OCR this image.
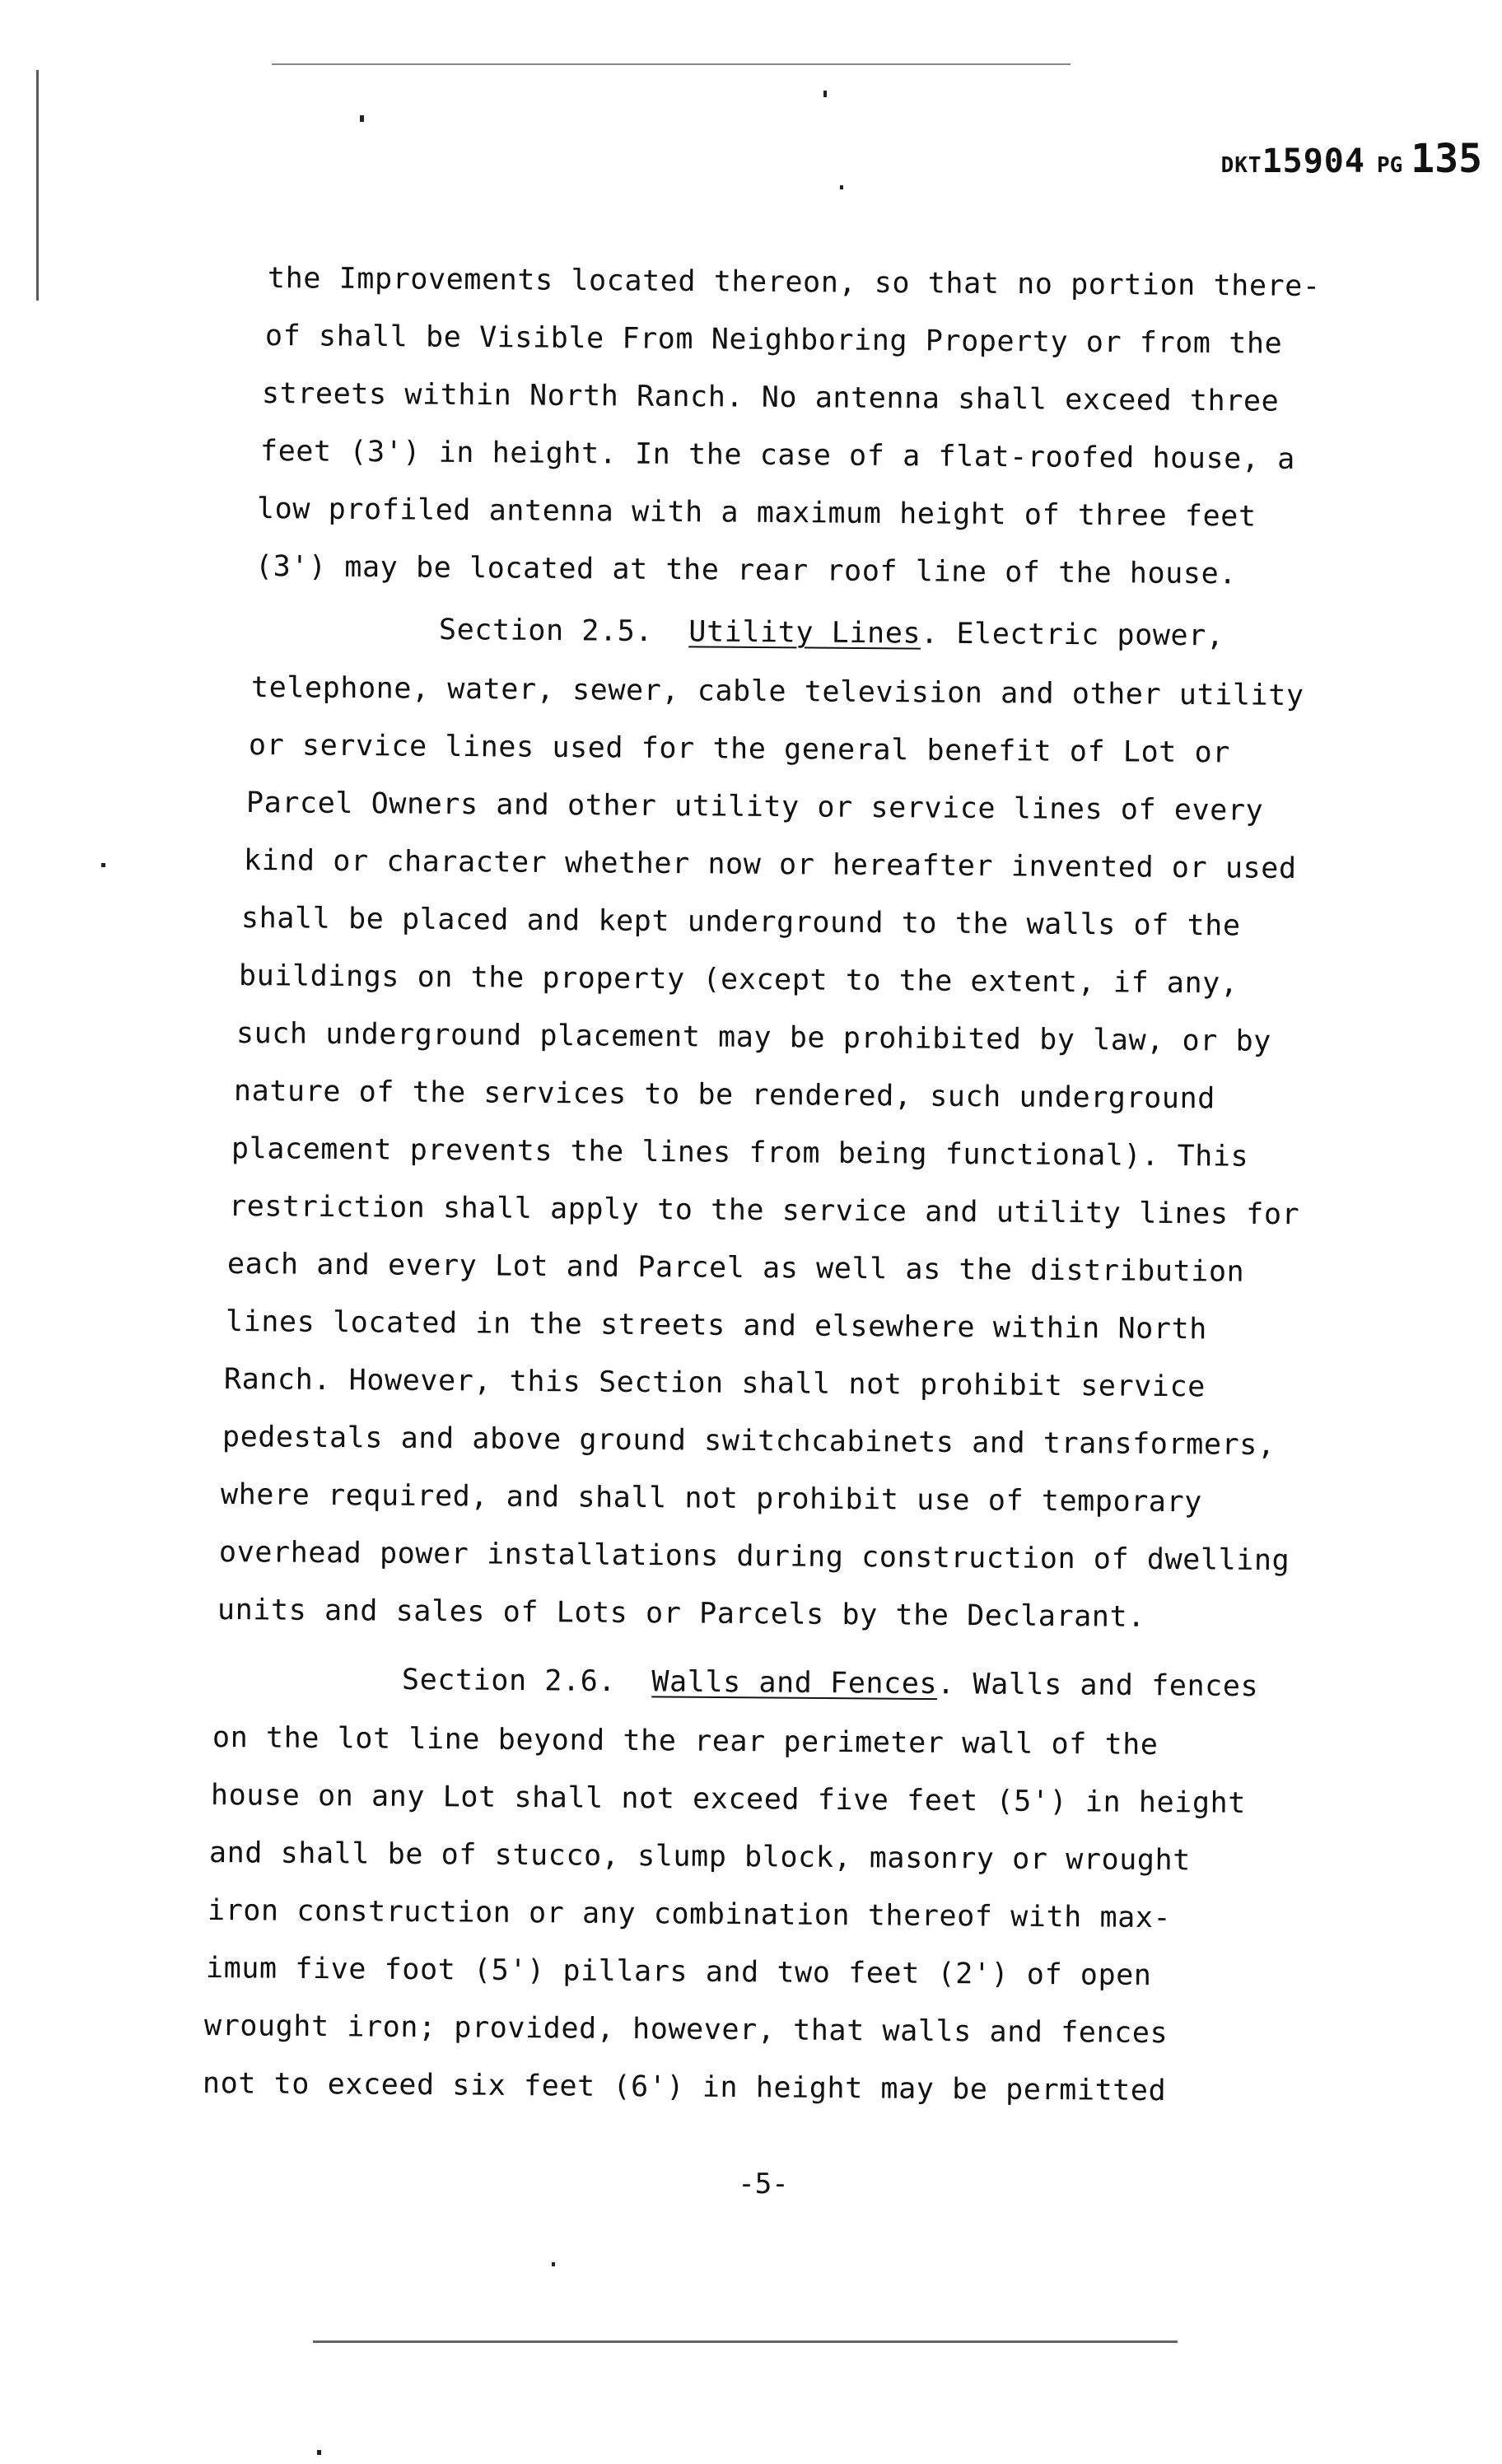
DKT15904 PG 135
the Improvements located thereon, so that no portion there-
of shall be Visible From Neighboring Property or from the
streets within North Ranch. No antenna shall exceed three
feet (3') in height. In the case of a flat-roofed house, a
low profiled antenna with a maximum height of three feet
(3') may be located at the rear roof line of the house.
Section 2.5. Utility Lines. Electric power,
telephone, water, sewer, cable television and other utility
or service lines used for the general benefit of Lot or
Parcel Owners and other utility or service lines of every
kind or character whether now or hereafter invented or used
shall be placed and kept underground to the walls of the
buildings on the property (except to the extent, if any,
such underground placement may be prohibited by law, or by
nature of the services to be rendered, such underground
placement prevents the lines from being functional). This
restriction shall apply to the service and utility lines for
each and every Lot and Parcel as well as the distribution
lines located in the streets and elsewhere within North
Ranch. However, this Section shall not prohibit service
pedestals and above ground switchcabinets and transformers,
where required, and shall not prohibit use of temporary
overhead power installations during construction of dwelling
units and sales of Lots or Parcels by the Declarant.
Section 2.6. Walls and Fences. Walls and fences
on the lot line beyond the rear perimeter wall of the
house on any Lot shall not exceed five feet (5') in height
and shall be of stucco, slump block, masonry or wrought
iron construction or any combination thereof with max-
imum five foot (5') pillars and two feet (2') of open
wrought iron; provided, however, that walls and fences
not to exceed six feet (6') in height may be permitted
-5-
